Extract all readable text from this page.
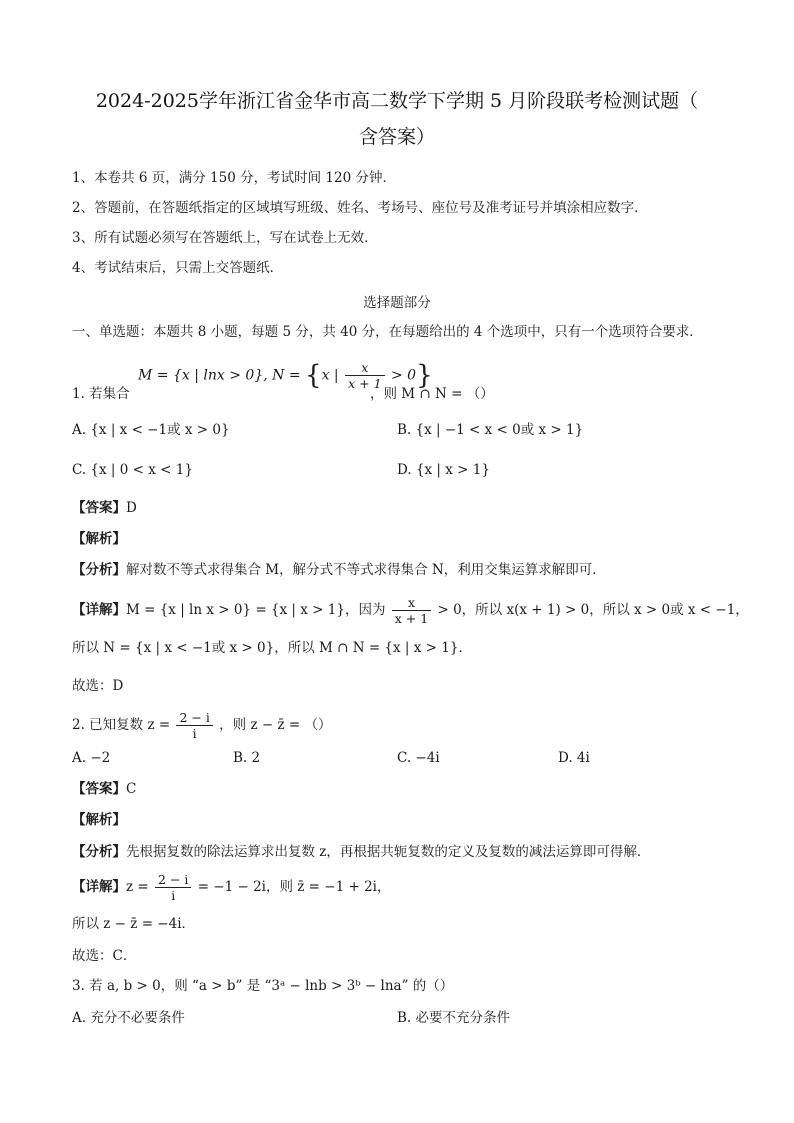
2024-2025学年浙江省金华市高二数学下学期 5 月阶段联考检测试题（
含答案）
1、本卷共 6 页，满分 150 分，考试时间 120 分钟．
2、答题前，在答题纸指定的区域填写班级、姓名、考场号、座位号及准考证号并填涂相应数字．
3、所有试题必须写在答题纸上，写在试卷上无效．
4、考试结束后，只需上交答题纸．
选择题部分
一、单选题：本题共 8 小题，每题 5 分，共 40 分，在每题给出的 4 个选项中，只有一个选项符合要求．
M = {x | lnx > 0}, N = {x | $\frac{x}{x + 1} > 0$}
1. 若集合	，则 M ∩ N = （）
A. {x | x < −1或 x > 0}	B. {x | −1 < x < 0或 x > 1}
C. {x | 0 < x < 1}	D. {x | x > 1}
【答案】D
【解析】
【分析】解对数不等式求得集合 M，解分式不等式求得集合 N，利用交集运算求解即可．
【详解】M = {x | ln x > 0} = {x | x > 1}，因为 $\frac{x}{x + 1} > 0$，所以 x(x + 1) > 0，所以 x > 0或 x < −1，
所以 N = {x | x < −1或 x > 0}，所以 M ∩ N = {x | x > 1}．
故选：D
2. 已知复数 $z = \frac{2 - i}{i}$ ，则 z − z̄ = （）
A. −2	B. 2	C. −4i	D. 4i
【答案】C
【解析】
【分析】先根据复数的除法运算求出复数 z，再根据共轭复数的定义及复数的减法运算即可得解．
【详解】$z = \frac{2 - i}{i} = -1 - 2i$，则 z̄ = −1 + 2i，
所以 z − z̄ = −4i．
故选：C．
3. 若 a, b > 0，则 “a > b” 是 “3ᵃ − lnb > 3ᵇ − lna” 的（）
A. 充分不必要条件	B. 必要不充分条件
